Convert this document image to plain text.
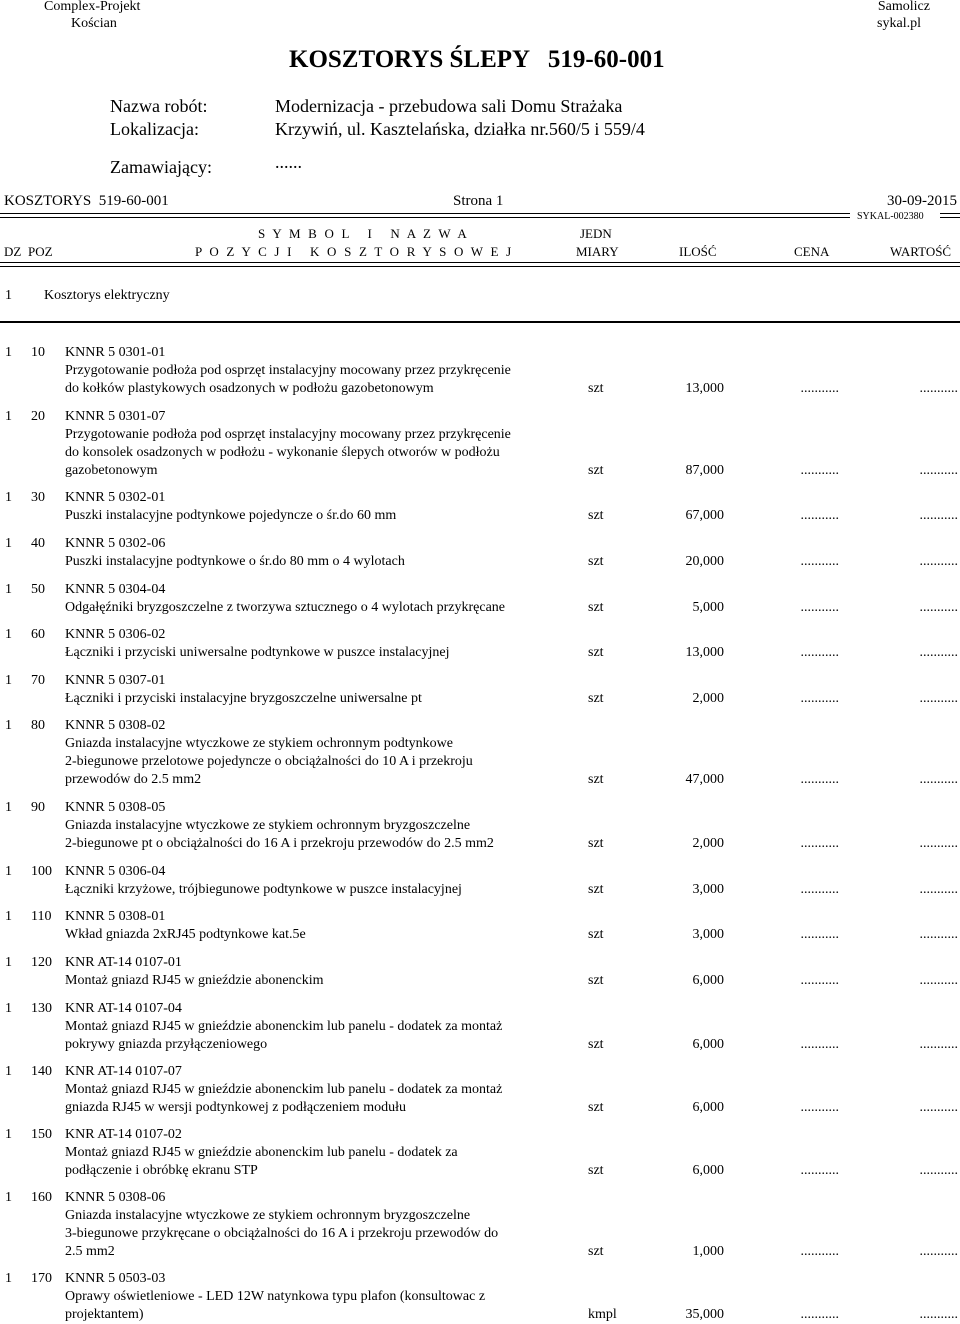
Complex-Projekt
Kościan
Samolicz
sykal.pl
KOSZTORYS ŚLEPY   519-60-001
Nazwa robót:	Modernizacja - przebudowa sali Domu Strażaka
Lokalizacja:	Krzywiń, ul. Kasztelańska, działka nr.560/5 i 559/4
Zamawiający:	......
KOSZTORYS  519-60-001	Strona 1	30-09-2015
SYKAL-002380
S Y M B O L   I   N A Z W A	JEDN
DZ POZ	P O Z Y C J I   K O S Z T O R Y S O W E J	MIARY	ILOŚĆ	CENA	WARTOŚĆ
1 Kosztorys elektryczny
1 10	KNNR 5 0301-01
Przygotowanie podłoża pod osprzęt instalacyjny mocowany przez przykręcenie
do kołków plastykowych osadzonych w podłożu gazobetonowym	szt	13,000	...........	...........
1 20	KNNR 5 0301-07
Przygotowanie podłoża pod osprzęt instalacyjny mocowany przez przykręcenie
do konsolek osadzonych w podłożu - wykonanie ślepych otworów w podłożu
gazobetonowym	szt	87,000	...........	...........
1 30	KNNR 5 0302-01
Puszki instalacyjne podtynkowe pojedyncze o śr.do 60 mm	szt	67,000	...........	...........
1 40	KNNR 5 0302-06
Puszki instalacyjne podtynkowe o śr.do 80 mm o 4 wylotach	szt	20,000	...........	...........
1 50	KNNR 5 0304-04
Odgałęźniki bryzgoszczelne z tworzywa sztucznego o 4 wylotach przykręcane	szt	5,000	...........	...........
1 60	KNNR 5 0306-02
Łączniki i przyciski uniwersalne podtynkowe w puszce instalacyjnej	szt	13,000	...........	...........
1 70	KNNR 5 0307-01
Łączniki i przyciski instalacyjne bryzgoszczelne uniwersalne pt	szt	2,000	...........	...........
1 80	KNNR 5 0308-02
Gniazda instalacyjne wtyczkowe ze stykiem ochronnym podtynkowe
2-biegunowe przelotowe pojedyncze o obciążalności do 10 A i przekroju
przewodów do 2.5 mm2	szt	47,000	...........	...........
1 90	KNNR 5 0308-05
Gniazda instalacyjne wtyczkowe ze stykiem ochronnym bryzgoszczelne
2-biegunowe pt o obciążalności do 16 A i przekroju przewodów do 2.5 mm2	szt	2,000	...........	...........
1 100 KNNR 5 0306-04
Łączniki krzyżowe, trójbiegunowe podtynkowe w puszce instalacyjnej	szt	3,000	...........	...........
1 110 KNNR 5 0308-01
Wkład gniazda 2xRJ45 podtynkowe kat.5e	szt	3,000	...........	...........
1 120 KNR AT-14 0107-01
Montaż gniazd RJ45 w gnieździe abonenckim	szt	6,000	...........	...........
1 130 KNR AT-14 0107-04
Montaż gniazd RJ45 w gnieździe abonenckim lub panelu - dodatek za montaż
pokrywy gniazda przyłączeniowego	szt	6,000	...........	...........
1 140 KNR AT-14 0107-07
Montaż gniazd RJ45 w gnieździe abonenckim lub panelu - dodatek za montaż
gniazda RJ45 w wersji podtynkowej z podłączeniem modułu	szt	6,000	...........	...........
1 150 KNR AT-14 0107-02
Montaż gniazd RJ45 w gnieździe abonenckim lub panelu - dodatek za
podłączenie i obróbkę ekranu STP	szt	6,000	...........	...........
1 160 KNNR 5 0308-06
Gniazda instalacyjne wtyczkowe ze stykiem ochronnym bryzgoszczelne
3-biegunowe przykręcane o obciążalności do 16 A i przekroju przewodów do
2.5 mm2	szt	1,000	...........	...........
1 170 KNNR 5 0503-03
Oprawy oświetleniowe - LED 12W natynkowa typu plafon (konsultowac z
projektantem)	kmpl	35,000	...........	...........
